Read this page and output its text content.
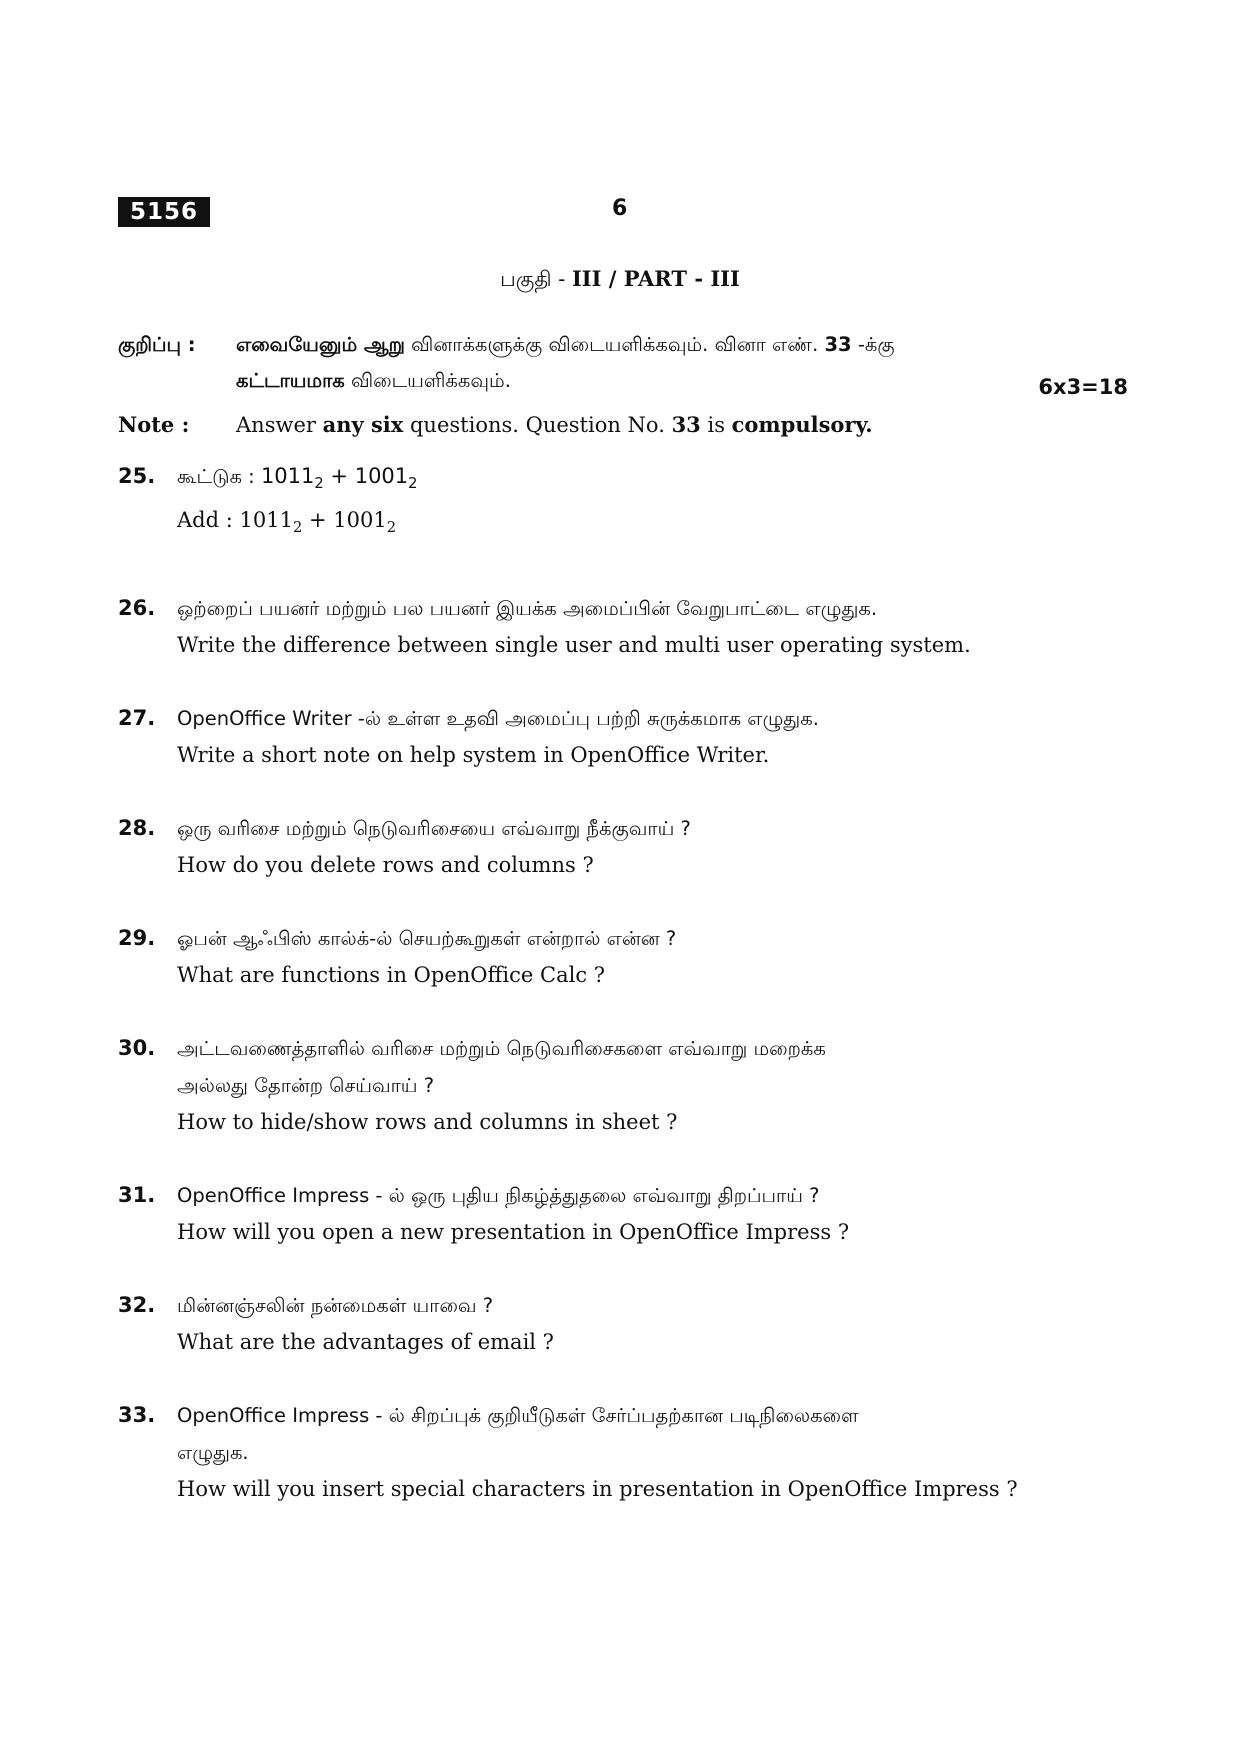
5156	6
பகுதி - III / PART - III
குறிப்பு : எவையேனும் ஆறு வினாக்களுக்கு விடையளிக்கவும். வினா எண். 33 -க்கு
கட்டாயமாக விடையளிக்கவும்.	6x3=18
Note : Answer any six questions. Question No. 33 is compulsory.
25. கூட்டுக : $1011_2 + 1001_2$
Add : $1011_2 + 1001_2$
26. ஒற்றைப் பயனர் மற்றும் பல பயனர் இயக்க அமைப்பின் வேறுபாட்டை எழுதுக.
Write the difference between single user and multi user operating system.
27. OpenOffice Writer -ல் உள்ள உதவி அமைப்பு பற்றி சுருக்கமாக எழுதுக.
Write a short note on help system in OpenOffice Writer.
28. ஒரு வரிசை மற்றும் நெடுவரிசையை எவ்வாறு நீக்குவாய் ?
How do you delete rows and columns ?
29. ஓபன் ஆஃபிஸ் கால்க்-ல் செயற்கூறுகள் என்றால் என்ன ?
What are functions in OpenOffice Calc ?
30. அட்டவணைத்தாளில் வரிசை மற்றும் நெடுவரிசைகளை எவ்வாறு மறைக்க
அல்லது தோன்ற செய்வாய் ?
How to hide/show rows and columns in sheet ?
31. OpenOffice Impress - ல் ஒரு புதிய நிகழ்த்துதலை எவ்வாறு திறப்பாய் ?
How will you open a new presentation in OpenOffice Impress ?
32. மின்னஞ்சலின் நன்மைகள் யாவை ?
What are the advantages of email ?
33. OpenOffice Impress - ல் சிறப்புக் குறியீடுகள் சேர்ப்பதற்கான படிநிலைகளை
எழுதுக.
How will you insert special characters in presentation in OpenOffice Impress ?
